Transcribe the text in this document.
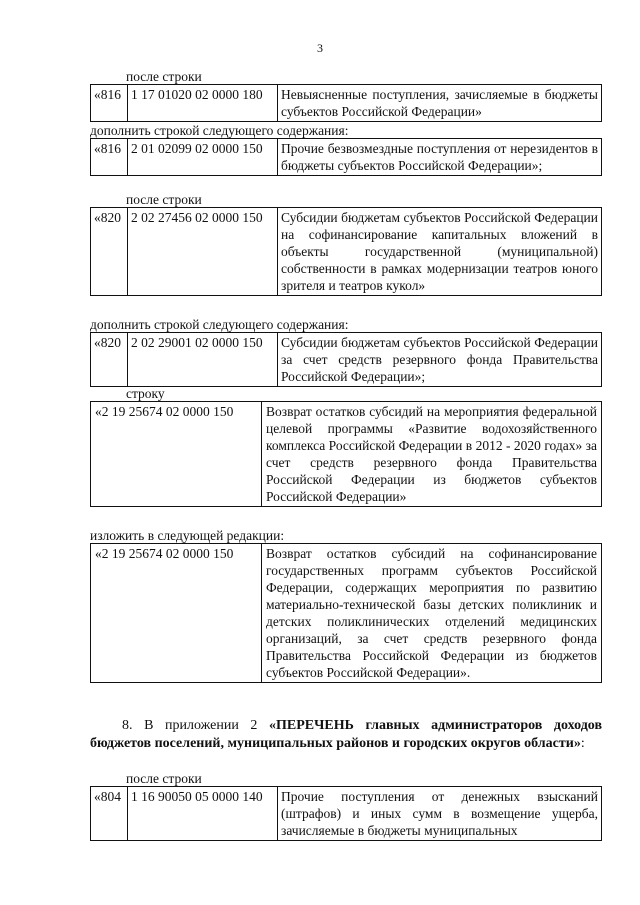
3
после строки
«816	1 17 01020 02 0000 180	Невыясненные поступления, зачисляемые в бюджеты субъектов Российской Федерации»
дополнить строкой следующего содержания:
«816	2 01 02099 02 0000 150	Прочие безвозмездные поступления от нерезидентов в бюджеты субъектов Российской Федерации»;
после строки
«820	2 02 27456 02 0000 150	Субсидии бюджетам субъектов Российской Федерации на софинансирование капитальных вложений в объекты государственной (муниципальной) собственности в рамках модернизации театров юного зрителя и театров кукол»
дополнить строкой следующего содержания:
«820	2 02 29001 02 0000 150	Субсидии бюджетам субъектов Российской Федерации за счет средств резервного фонда Правительства Российской Федерации»;
строку
«2 19 25674 02 0000 150	Возврат остатков субсидий на мероприятия федеральной целевой программы «Развитие водохозяйственного комплекса Российской Федерации в 2012 - 2020 годах» за счет средств резервного фонда Правительства Российской Федерации из бюджетов субъектов Российской Федерации»
изложить в следующей редакции:
«2 19 25674 02 0000 150	Возврат остатков субсидий на софинансирование государственных программ субъектов Российской Федерации, содержащих мероприятия по развитию материально-технической базы детских поликлиник и детских поликлинических отделений медицинских организаций, за счет средств резервного фонда Правительства Российской Федерации из бюджетов субъектов Российской Федерации».
8. В приложении 2 «ПЕРЕЧЕНЬ главных администраторов доходов бюджетов поселений, муниципальных районов и городских округов области»:
после строки
«804	1 16 90050 05 0000 140	Прочие поступления от денежных взысканий (штрафов) и иных сумм в возмещение ущерба, зачисляемые в бюджеты муниципальных
